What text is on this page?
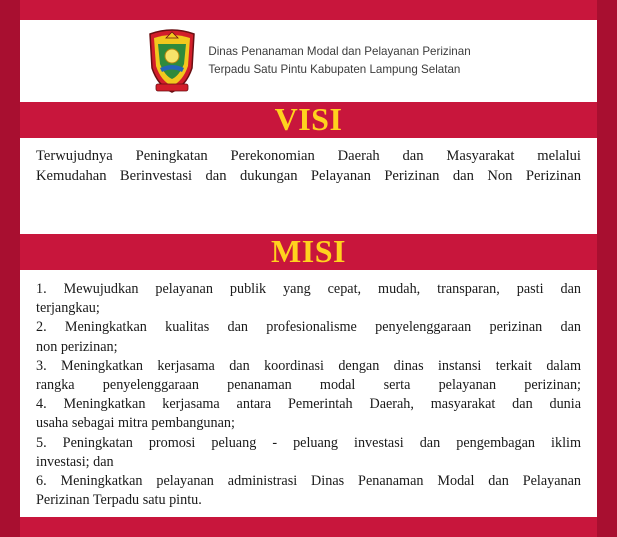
Dinas Penanaman Modal dan Pelayanan Perizinan
Terpadu Satu Pintu Kabupaten Lampung Selatan
VISI
Terwujudnya Peningkatan Perekonomian Daerah dan Masyarakat melalui
Kemudahan Berinvestasi dan dukungan Pelayanan Perizinan dan Non Perizinan
MISI
1. Mewujudkan pelayanan publik yang cepat, mudah, transparan, pasti dan
terjangkau;
2. Meningkatkan kualitas dan profesionalisme penyelenggaraan perizinan dan
non perizinan;
3. Meningkatkan kerjasama dan koordinasi dengan dinas instansi terkait dalam
rangka penyelenggaraan penanaman modal serta pelayanan perizinan;
4. Meningkatkan kerjasama antara Pemerintah Daerah, masyarakat dan dunia
usaha sebagai mitra pembangunan;
5. Peningkatan promosi peluang - peluang investasi dan pengembagan iklim
investasi; dan
6. Meningkatkan pelayanan administrasi Dinas Penanaman Modal dan Pelayanan
Perizinan Terpadu satu pintu.
